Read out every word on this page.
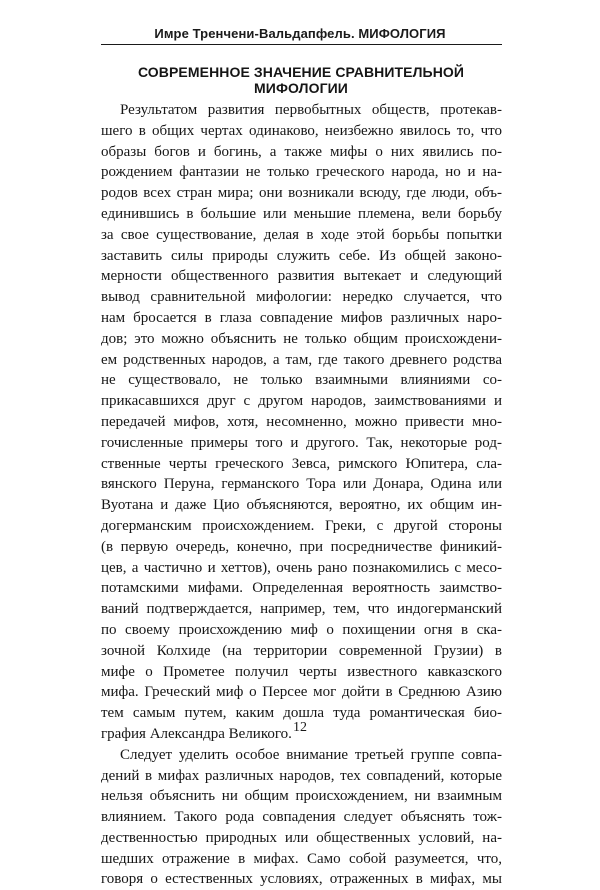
Имре Тренчени-Вальдапфель. МИФОЛОГИЯ
СОВРЕМЕННОЕ ЗНАЧЕНИЕ СРАВНИТЕЛЬНОЙ МИФОЛОГИИ
Результатом развития первобытных обществ, протекав-
шего в общих чертах одинаково, неизбежно явилось то, что
образы богов и богинь, а также мифы о них явились по-
рождением фантазии не только греческого народа, но и на-
родов всех стран мира; они возникали всюду, где люди, объ-
единившись в большие или меньшие племена, вели борьбу
за свое существование, делая в ходе этой борьбы попытки
заставить силы природы служить себе. Из общей законо-
мерности общественного развития вытекает и следующий
вывод сравнительной мифологии: нередко случается, что
нам бросается в глаза совпадение мифов различных наро-
дов; это можно объяснить не только общим происхождени-
ем родственных народов, а там, где такого древнего родства
не существовало, не только взаимными влияниями со-
прикасавшихся друг с другом народов, заимствованиями и
передачей мифов, хотя, несомненно, можно привести мно-
гочисленные примеры того и другого. Так, некоторые род-
ственные черты греческого Зевса, римского Юпитера, сла-
вянского Перуна, германского Тора или Донара, Одина или
Вуотана и даже Цио объясняются, вероятно, их общим ин-
догерманским происхождением. Греки, с другой стороны
(в первую очередь, конечно, при посредничестве финикий-
цев, а частично и хеттов), очень рано познакомились с месо-
потамскими мифами. Определенная вероятность заимство-
ваний подтверждается, например, тем, что индогерманский
по своему происхождению миф о похищении огня в ска-
зочной Колхиде (на территории современной Грузии) в
мифе о Прометее получил черты известного кавказского
мифа. Греческий миф о Персее мог дойти в Среднюю Азию
тем самым путем, каким дошла туда романтическая био-
графия Александра Великого.
Следует уделить особое внимание третьей группе совпа-
дений в мифах различных народов, тех совпадений, которые
нельзя объяснить ни общим происхождением, ни взаимным
влиянием. Такого рода совпадения следует объяснять тож-
дественностью природных или общественных условий, на-
шедших отражение в мифах. Само собой разумеется, что,
говоря о естественных условиях, отраженных в мифах, мы
12
